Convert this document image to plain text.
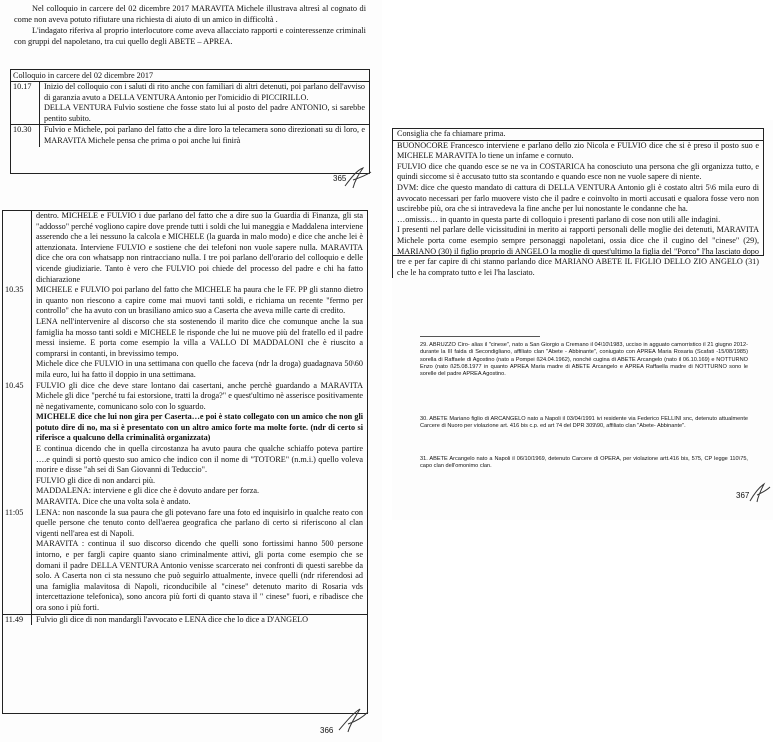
Nel colloquio in carcere del 02 dicembre 2017 MARAVITA Michele illustrava altresì al cognato di come non aveva potuto rifiutare una richiesta di aiuto di un amico in difficoltà .

L'indagato riferiva al proprio interlocutore come aveva allacciato rapporti e cointeressenze criminali con gruppi del napoletano, tra cui quello degli ABETE – APREA.

Colloquio in carcere del 02 dicembre 2017
10.17	Inizio del colloquio con i saluti di rito anche con familiari di altri detenuti, poi parlano dell'avviso di garanzia avuto a DELLA VENTURA Antonio per l'omicidio di PICCIRILLO.
DELLA VENTURA Fulvio sostiene che fosse stato lui al posto del padre ANTONIO, si sarebbe pentito subito.
10.30	Fulvio e Michele, poi parlano del fatto che a dire loro la telecamera sono direzionati su di loro, e MARAVITA Michele pensa che prima o poi anche lui finirà
365
dentro. MICHELE e FULVIO i due parlano del fatto che a dire suo la Guardia di Finanza, gli sta "addosso" perché vogliono capire dove prende tutti i soldi che lui maneggia e Maddalena interviene asserendo che a lei nessuno la calcola e MICHELE (la guarda in malo modo) e dice che anche lei è attenzionata. Interviene FULVIO e sostiene che dei telefoni non vuole sapere nulla. MARAVITA dice che ora con whatsapp non rintracciano nulla. I tre poi parlano dell'orario del colloquio e delle vicende giudiziarie. Tanto è vero che FULVIO poi chiede del processo del padre e chi ha fatto dichiarazione
10.35	MICHELE e FULVIO poi parlano del fatto che MICHELE ha paura che le FF. PP gli stanno dietro in quanto non riescono a capire come mai muovi tanti soldi, e richiama un recente "fermo per controllo" che ha avuto con un brasiliano amico suo a Caserta che aveva mille carte di credito.
LENA nell'intervenire al discorso che sta sostenendo il marito dice che comunque anche la sua famiglia ha mosso tanti soldi e MICHELE le risponde che lui ne muove più del fratello ed il padre messi insieme. E porta come esempio la villa a VALLO DI MADDALONI che è riuscito a comprarsi in contanti, in brevissimo tempo.
Michele dice che FULVIO in una settimana con quello che faceva (ndr la droga) guadagnava 50\60 mila euro, lui ha fatto il doppio in una settimana.
10.45	FULVIO gli dice che deve stare lontano dai casertani, anche perchè guardando a MARAVITA Michele gli dice "perché tu fai estorsione, tratti la droga?" e quest'ultimo nè asserisce positivamente nè negativamente, comunicano solo con lo sguardo.
MICHELE dice che lui non gira per Caserta…e poi è stato collegato con un amico che non gli potuto dire di no, ma si è presentato con un altro amico forte ma molte forte. (ndr di certo si riferisce a qualcuno della criminalità organizzata)
E continua dicendo che in quella circostanza ha avuto paura che qualche schiaffo poteva partire ….e quindi si portò questo suo amico che indico con il nome di "TOTORE" (n.m.i.) quello voleva morire e disse "ah sei di San Giovanni di Teduccio".
FULVIO gli dice di non andarci più.
MADDALENA: interviene e gli dice che è dovuto andare per forza.
MARAVITA. Dice che una volta sola è andato.
11:05	LENA: non nasconde la sua paura che gli potevano fare una foto ed inquisirlo in qualche reato con quelle persone che tenuto conto dell'aerea geografica che parlano di certo si riferiscono al clan vigenti nell'area est di Napoli.
MARAVITA : continua il suo discorso dicendo che quelli sono fortissimi hanno 500 persone intorno, e per fargli capire quanto siano criminalmente attivi, gli porta come esempio che se domani il padre DELLA VENTURA Antonio venisse scarcerato nei confronti di questi sarebbe da solo. A Caserta non ci sta nessuno che può seguirlo attualmente, invece quelli (ndr riferendosi ad una famiglia malavitosa di Napoli, riconducibile al "cinese" detenuto marito di Rosaria vds intercettazione telefonica), sono ancora più forti di quanto stava il " cinese" fuori, e ribadisce che ora sono i più forti.
11.49	Fulvio gli dice di non mandargli l'avvocato e LENA dice che lo dice a D'ANGELO
366
Consiglia che fa chiamare prima.
BUONOCORE Francesco interviene e parlano dello zio Nicola e FULVIO dice che si è preso il posto suo e MICHELE MARAVITA lo tiene un infame e cornuto.
FULVIO dice che quando esce se ne va in COSTARICA ha conosciuto una persona che gli organizza tutto, e quindi siccome si è accusato tutto sta scontando e quando esce non ne vuole sapere di niente.
DVM: dice che questo mandato di cattura di DELLA VENTURA Antonio gli è costato altri 5\6 mila euro di avvocato necessari per farlo muovere visto che il padre e coinvolto in morti accusati e qualora fosse vero non uscirebbe più, ora che si intravedeva la fine anche per lui nonostante le condanne che ha.
…omissis… in quanto in questa parte di colloquio i presenti parlano di cose non utili alle indagini.
I presenti nel parlare delle vicissitudini in merito ai rapporti personali delle moglie dei detenuti, MARAVITA Michele porta come esempio sempre personaggi napoletani, ossia dice che il cugino del "cinese" (29), MARIANO (30) il figlio proprio di ANGELO la moglie di quest'ultimo la figlia del "Porco" l'ha lasciato dopo tre e per far capire di chi stanno parlando dice MARIANO ABETE IL FIGLIO DELLO ZIO ANGELO (31) che le ha comprato tutto e lei l'ha lasciato.

29. ABRUZZO Ciro- alias il "cinese", nato a San Giorgio a Cremano il 04\10\1983, ucciso in agguato camorristico il 21 giugno 2012- durante la III faida di Secondigliano, affiliato clan "Abete - Abbinante", coniugato con APREA Maria Rosaria (Scafati -15/08/1985) sorella di Raffaele di Agostino (nato a Pompei ß24.04.1962), nonché cugina di ABETE Arcangelo (nato il 06.10.169) e NOTTURNO Enzo (nato ß25.08.1977 in quanto APREA Maria madre di ABETE Arcangelo e APREA Raffaella madre di NOTTURNO sono le sorelle del padre APREA Agostino.

30. ABETE Mariano figlio di ARCANGELO nato a Napoli il 03/04/1991 ivi residente via Federico FELLINI snc, detenuto attualmente Carcere di Nuoro per violazione art. 416 bis c.p. ed art 74 del DPR 309\90, affiliato clan "Abete- Abbinante".

31. ABETE Arcangelo nato a Napoli il 06/10/1969, detenuto Carcere di OPERA, per violazione artt.416 bis, 575, CP legge 110\75, capo clan dell'omonimo clan.

367
